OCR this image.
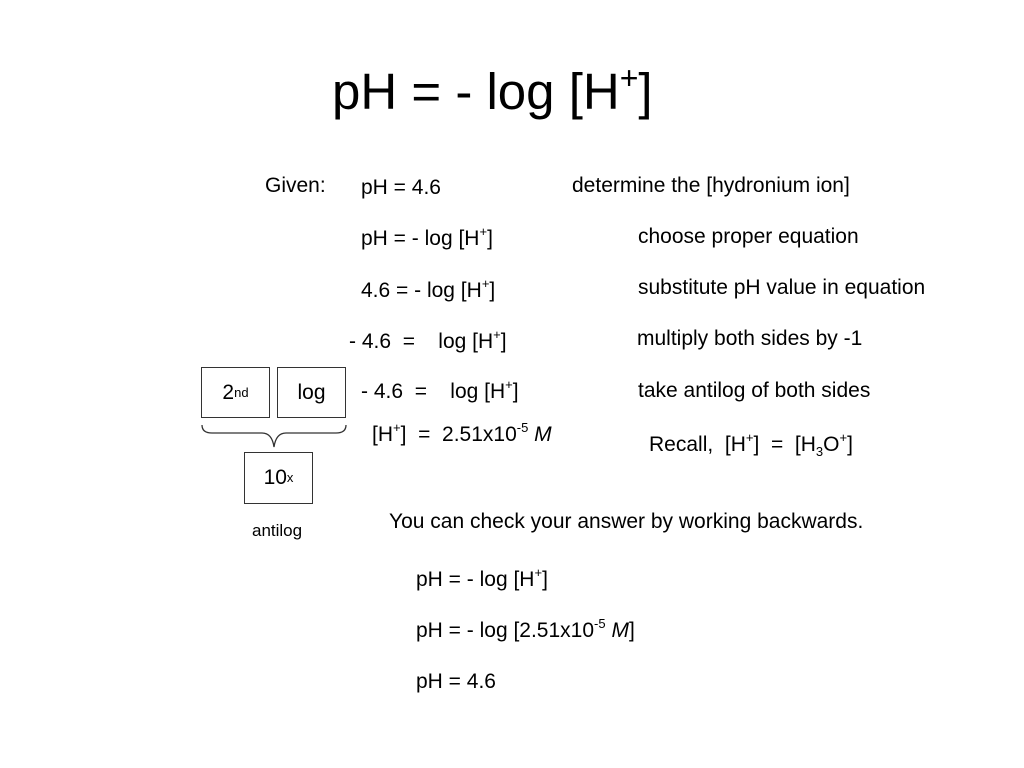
pH = - log [H+]
Given: pH = 4.6
pH = - log [H+]
4.6 = - log [H+]
- 4.6  =    log [H+]
- 4.6  =    log [H+]
$[H^+] = 2.51x10^{-5}$ M
determine the [hydronium ion]
choose proper equation
substitute pH value in equation
multiply both sides by -1
take antilog of both sides
Recall,  $[H^+] = [H_3O^+]$
2 nd	log
10 x
antilog	You can check your answer by working backwards.
pH = - log [H+]
pH = - $\log [2.51x10^{-5}$ M]
pH = 4.6
